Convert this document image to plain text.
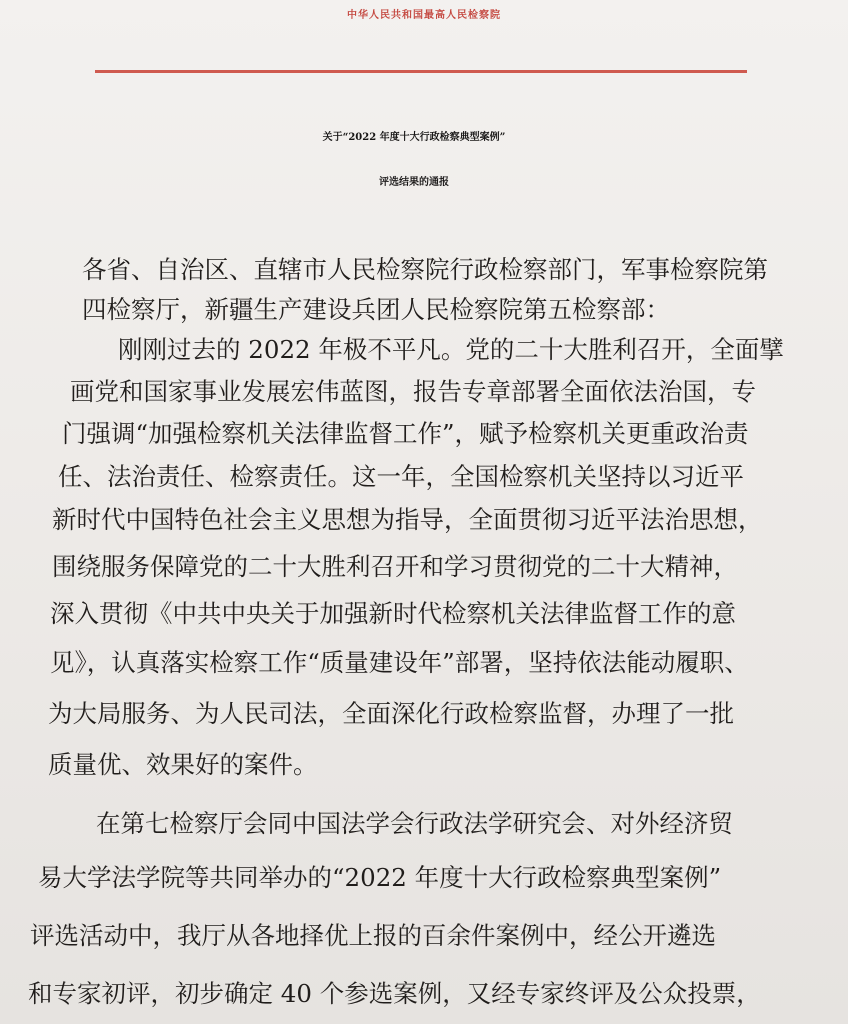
中华人民共和国最高人民检察院
关于“2022 年度十大行政检察典型案例”
评选结果的通报
各省、自治区、直辖市人民检察院行政检察部门，军事检察院第
四检察厅，新疆生产建设兵团人民检察院第五检察部：
刚刚过去的 2022 年极不平凡。党的二十大胜利召开，全面擘
画党和国家事业发展宏伟蓝图，报告专章部署全面依法治国，专
门强调“加强检察机关法律监督工作”，赋予检察机关更重政治责
任、法治责任、检察责任。这一年，全国检察机关坚持以习近平
新时代中国特色社会主义思想为指导，全面贯彻习近平法治思想，
围绕服务保障党的二十大胜利召开和学习贯彻党的二十大精神，
深入贯彻《中共中央关于加强新时代检察机关法律监督工作的意
见》，认真落实检察工作“质量建设年”部署，坚持依法能动履职、
为大局服务、为人民司法，全面深化行政检察监督，办理了一批
质量优、效果好的案件。
在第七检察厅会同中国法学会行政法学研究会、对外经济贸
易大学法学院等共同举办的“2022 年度十大行政检察典型案例”
评选活动中，我厅从各地择优上报的百余件案例中，经公开遴选
和专家初评，初步确定 40 个参选案例，又经专家终评及公众投票，
